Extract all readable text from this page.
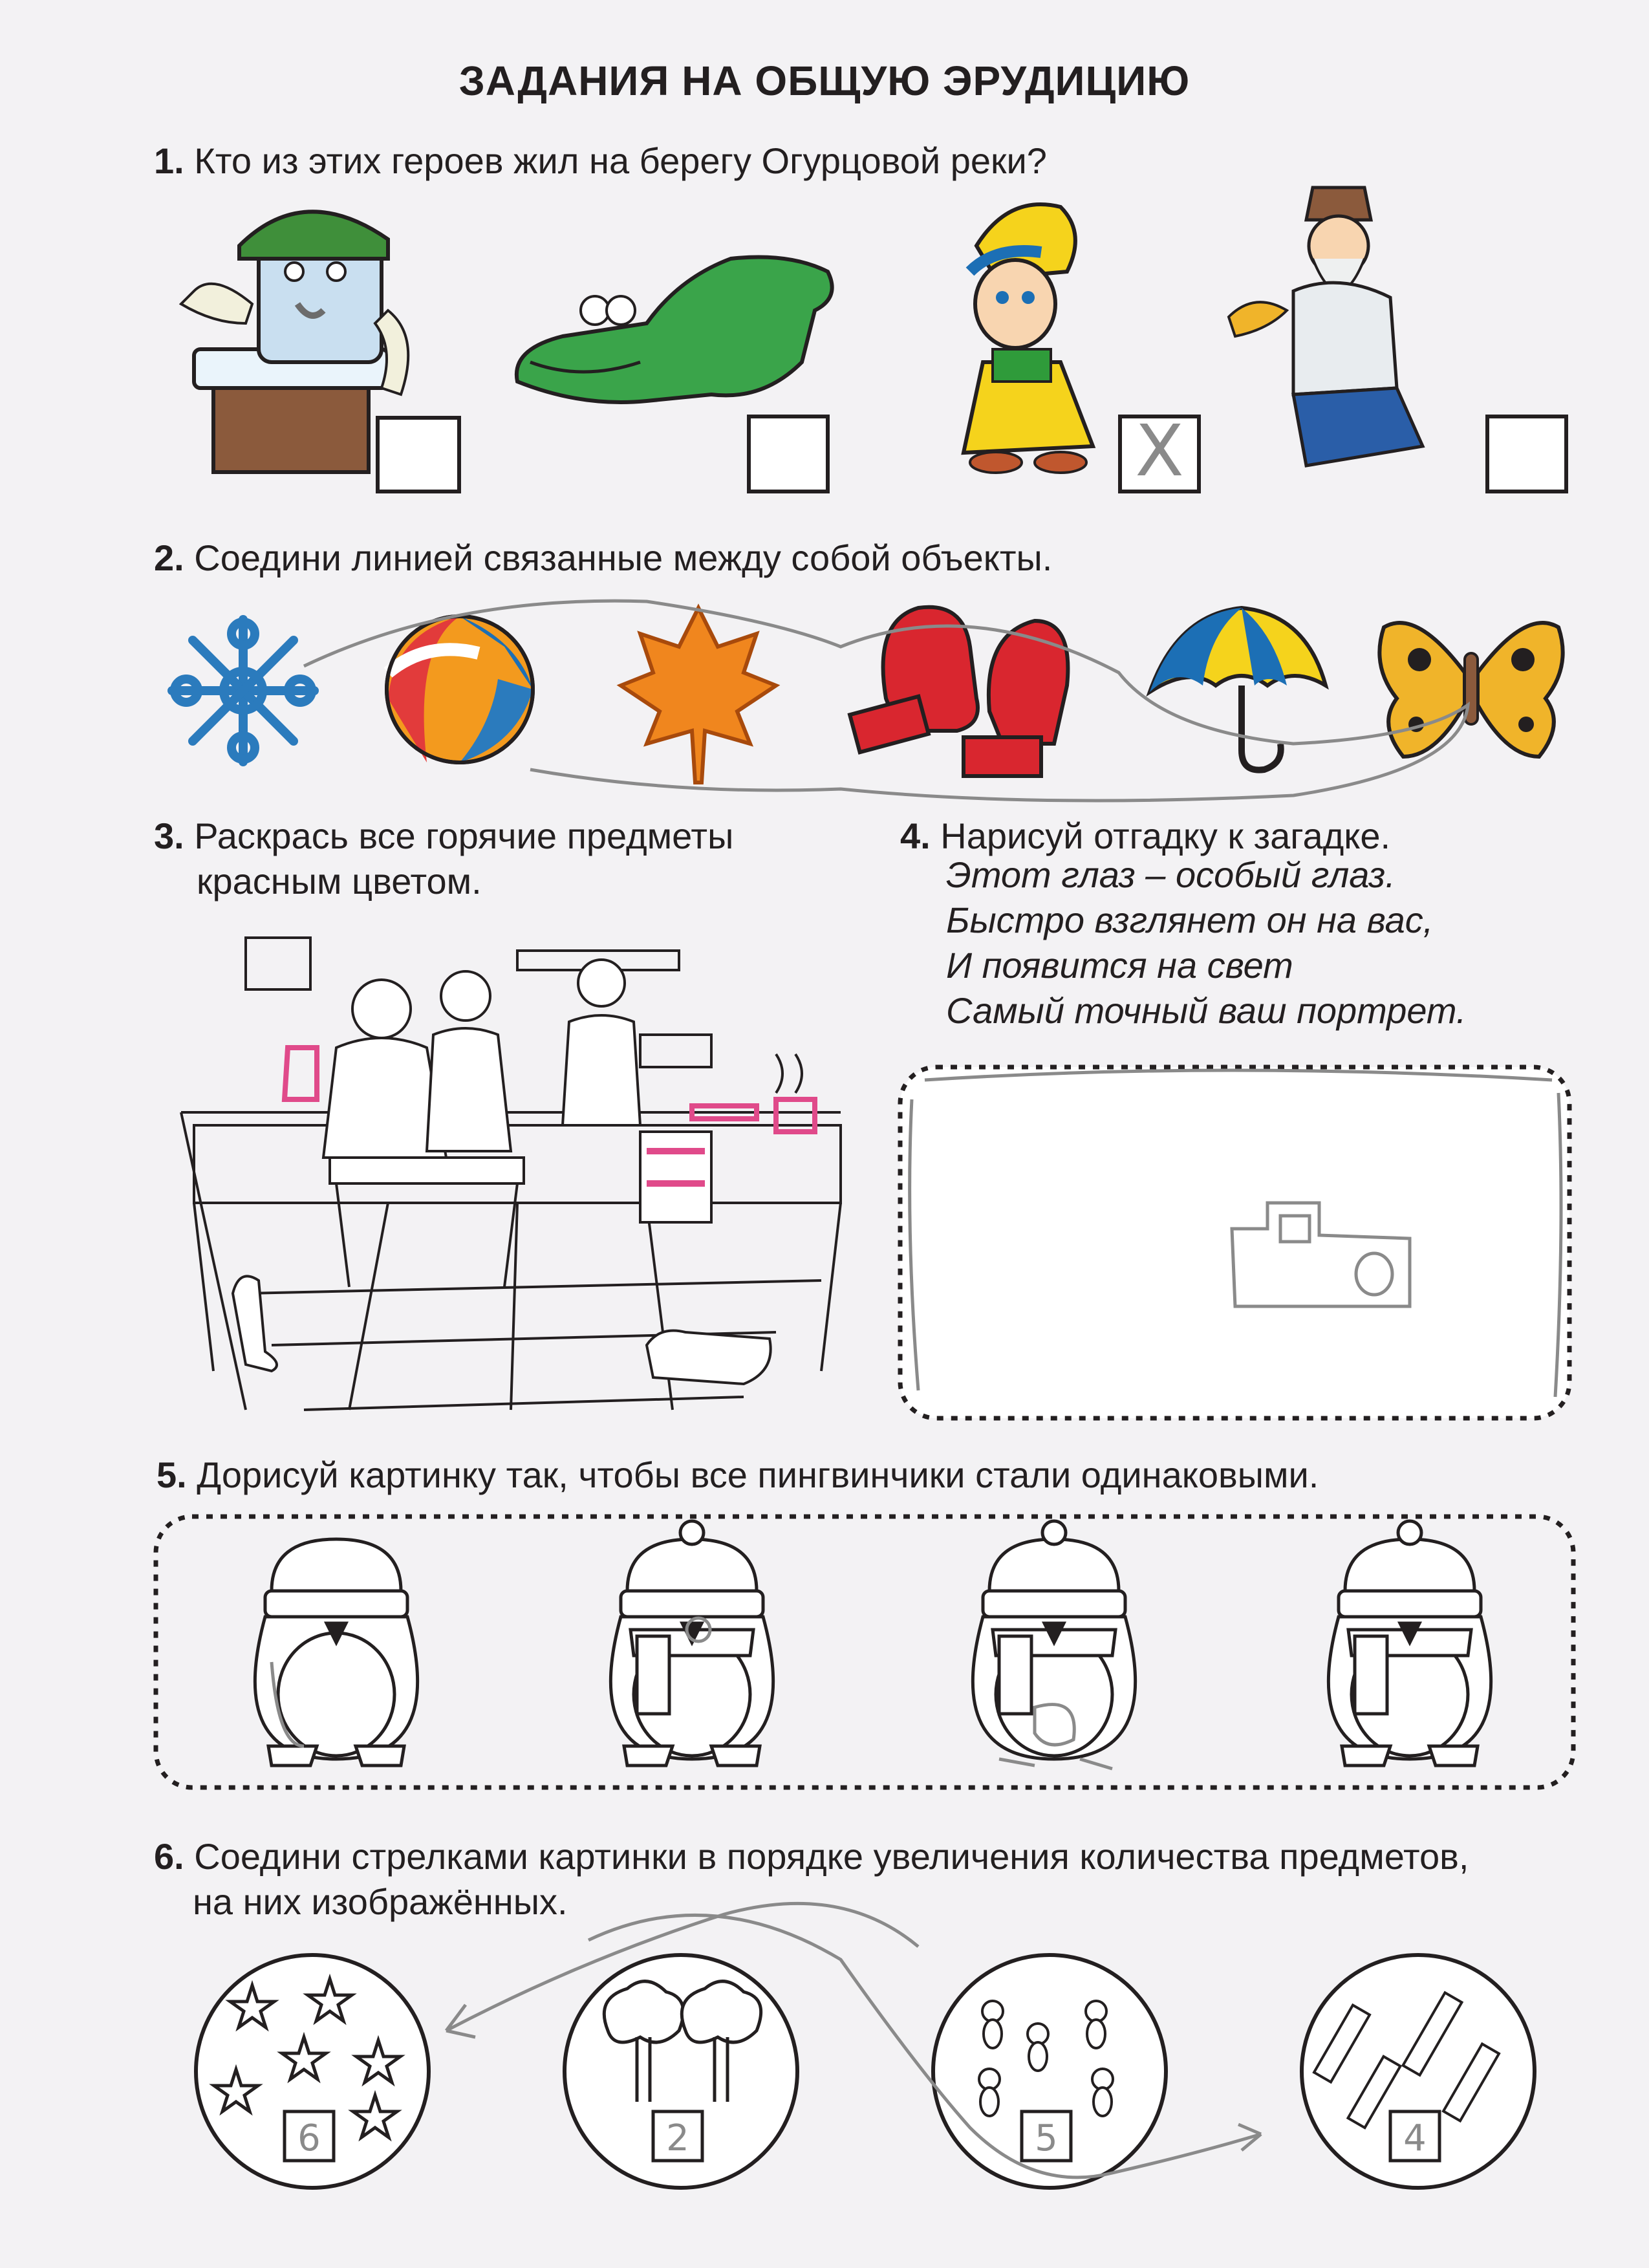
ЗАДАНИЯ НА ОБЩУЮ ЭРУДИЦИЮ
1. Кто из этих героев жил на берегу Огурцовой реки?
2. Соедини линией связанные между собой объекты.
3. Раскрась все горячие предметы
красным цветом.
4. Нарисуй отгадку к загадке.
Этот глаз – особый глаз.
Быстро взглянет он на вас,
И появится на свет
Самый точный ваш портрет.
5. Дорисуй картинку так, чтобы все пингвинчики стали одинаковыми.
6. Соедини стрелками картинки в порядке увеличения количества предметов,
на них изображённых.
X
6	2	5	4
